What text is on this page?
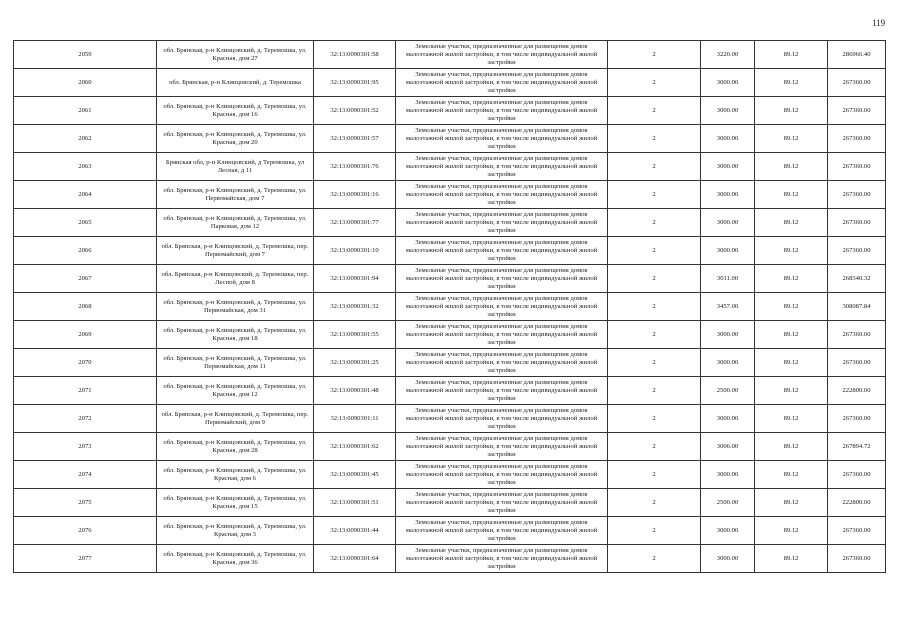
119
2059	обл. Брянская, р-н Клинцовский, д. Теремошка, ул. Красная, дом 27	32:13:0090301:58	Земельные участки, предназначенные для размещения домов малоэтажной жилой застройки, в том числе индивидуальной жилой застройки	2	3220.00	89.12	286966.40
2060	обл. Брянская, р-н Клинцовский, д. Теремошка	32:13:0090301:95	Земельные участки, предназначенные для размещения домов малоэтажной жилой застройки, в том числе индивидуальной жилой застройки	2	3000.00	89.12	267360.00
2061	обл. Брянская, р-н Клинцовский, д. Теремошка, ул. Красная, дом 16	32:13:0090301:52	Земельные участки, предназначенные для размещения домов малоэтажной жилой застройки, в том числе индивидуальной жилой застройки	2	3000.00	89.12	267360.00
2062	обл. Брянская, р-н Клинцовский, д. Теремошка, ул. Красная, дом 20	32:13:0090301:57	Земельные участки, предназначенные для размещения домов малоэтажной жилой застройки, в том числе индивидуальной жилой застройки	2	3000.00	89.12	267360.00
2063	Брянская обл, р-н Клинцовский, д Теремошка, ул Лесная, д 11	32:13:0090301:76	Земельные участки, предназначенные для размещения домов малоэтажной жилой застройки, в том числе индивидуальной жилой застройки	2	3000.00	89.12	267360.00
2064	обл. Брянская, р-н Клинцовский, д. Теремошка, ул. Первомайская, дом 7	32:13:0090301:16	Земельные участки, предназначенные для размещения домов малоэтажной жилой застройки, в том числе индивидуальной жилой застройки	2	3000.00	89.12	267360.00
2065	обл. Брянская, р-н Клинцовский, д. Теремошка, ул. Парковая, дом 12	32:13:0090301:77	Земельные участки, предназначенные для размещения домов малоэтажной жилой застройки, в том числе индивидуальной жилой застройки	2	3000.00	89.12	267360.00
2066	обл. Брянская, р-н Клинцовский, д. Теремошка, пер. Первомайский, дом 7	32:13:0090301:10	Земельные участки, предназначенные для размещения домов малоэтажной жилой застройки, в том числе индивидуальной жилой застройки	2	3000.00	89.12	267360.00
2067	обл. Брянская, р-н Клинцовский, д. Теремошка, пер. Лесной, дом 8	32:13:0090301:94	Земельные участки, предназначенные для размещения домов малоэтажной жилой застройки, в том числе индивидуальной жилой застройки	2	3011.00	89.12	268340.32
2068	обл. Брянская, р-н Клинцовский, д. Теремошка, ул. Первомайская, дом 31	32:13:0090301:32	Земельные участки, предназначенные для размещения домов малоэтажной жилой застройки, в том числе индивидуальной жилой застройки	2	3457.00	89.12	308087.84
2069	обл. Брянская, р-н Клинцовский, д. Теремошка, ул. Красная, дом 18	32:13:0090301:55	Земельные участки, предназначенные для размещения домов малоэтажной жилой застройки, в том числе индивидуальной жилой застройки	2	3000.00	89.12	267360.00
2070	обл. Брянская, р-н Клинцовский, д. Теремошка, ул. Первомайская, дом 11	32:13:0090301:25	Земельные участки, предназначенные для размещения домов малоэтажной жилой застройки, в том числе индивидуальной жилой застройки	2	3000.00	89.12	267360.00
2071	обл. Брянская, р-н Клинцовский, д. Теремошка, ул. Красная, дом 12	32:13:0090301:48	Земельные участки, предназначенные для размещения домов малоэтажной жилой застройки, в том числе индивидуальной жилой застройки	2	2500.00	89.12	222800.00
2072	обл. Брянская, р-н Клинцовский, д. Теремошка, пер. Первомайский, дом 9	32:13:0090301:11	Земельные участки, предназначенные для размещения домов малоэтажной жилой застройки, в том числе индивидуальной жилой застройки	2	3000.00	89.12	267360.00
2073	обл. Брянская, р-н Клинцовский, д. Теремошка, ул. Красная, дом 28	32:13:0090301:62	Земельные участки, предназначенные для размещения домов малоэтажной жилой застройки, в том числе индивидуальной жилой застройки	2	3006.00	89.12	267894.72
2074	обл. Брянская, р-н Клинцовский, д. Теремошка, ул. Красная, дом 6	32:13:0090301:45	Земельные участки, предназначенные для размещения домов малоэтажной жилой застройки, в том числе индивидуальной жилой застройки	2	3000.00	89.12	267360.00
2075	обл. Брянская, р-н Клинцовский, д. Теремошка, ул. Красная, дом 15	32:13:0090301:51	Земельные участки, предназначенные для размещения домов малоэтажной жилой застройки, в том числе индивидуальной жилой застройки	2	2500.00	89.12	222800.00
2076	обл. Брянская, р-н Клинцовский, д. Теремошка, ул. Красная, дом 3	32:13:0090301:44	Земельные участки, предназначенные для размещения домов малоэтажной жилой застройки, в том числе индивидуальной жилой застройки	2	3000.00	89.12	267360.00
2077	обл. Брянская, р-н Клинцовский, д. Теремошка, ул. Красная, дом 36	32:13:0090301:64	Земельные участки, предназначенные для размещения домов малоэтажной жилой застройки, в том числе индивидуальной жилой застройки	2	3000.00	89.12	267360.00
